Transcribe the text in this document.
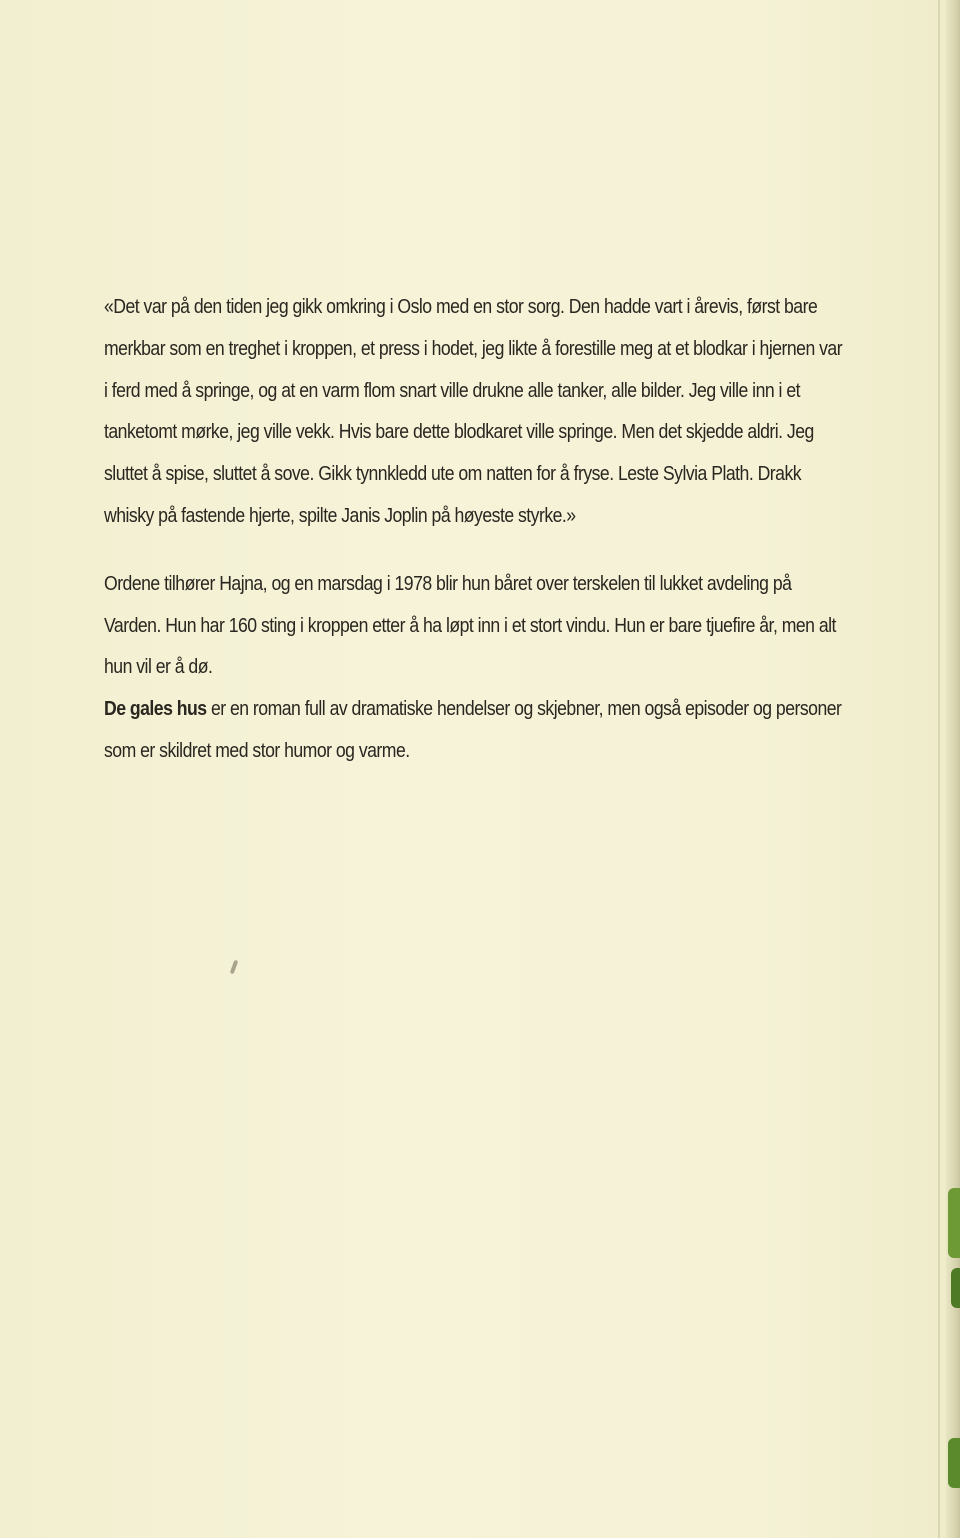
«Det var på den tiden jeg gikk omkring i Oslo med en stor sorg. Den hadde vart i årevis, først bare merkbar som en treghet i kroppen, et press i hodet, jeg likte å forestille meg at et blodkar i hjernen var i ferd med å springe, og at en varm flom snart ville drukne alle tanker, alle bilder. Jeg ville inn i et tanketomt mørke, jeg ville vekk. Hvis bare dette blodkaret ville springe. Men det skjedde aldri. Jeg sluttet å spise, sluttet å sove. Gikk tynnkledd ute om natten for å fryse. Leste Sylvia Plath. Drakk whisky på fastende hjerte, spilte Janis Joplin på høyeste styrke.»

Ordene tilhører Hajna, og en marsdag i 1978 blir hun båret over terskelen til lukket avdeling på Varden. Hun har 160 sting i kroppen etter å ha løpt inn i et stort vindu. Hun er bare tjuefire år, men alt hun vil er å dø.

De gales hus er en roman full av dramatiske hendelser og skjebner, men også episoder og personer som er skildret med stor humor og varme.
